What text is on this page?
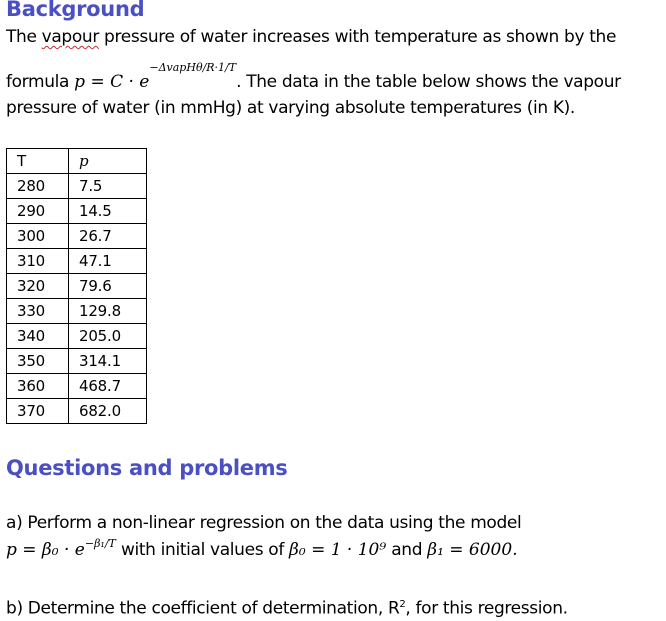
Background

The vapour pressure of water increases with temperature as shown by the

formula p = C · e−ΔvapHθ/R·1/T. The data in the table below shows the vapour

pressure of water (in mmHg) at varying absolute temperatures (in K).

T	p
280	7.5
290	14.5
300	26.7
310	47.1
320	79.6
330	129.8
340	205.0
350	314.1
360	468.7
370	682.0
Questions and problems

a) Perform a non-linear regression on the data using the model

p = β₀ · e−β₁/T with initial values of β₀ = 1 · 10⁹ and β₁ = 6000.

b) Determine the coefficient of determination, $R^2$, for this regression.
